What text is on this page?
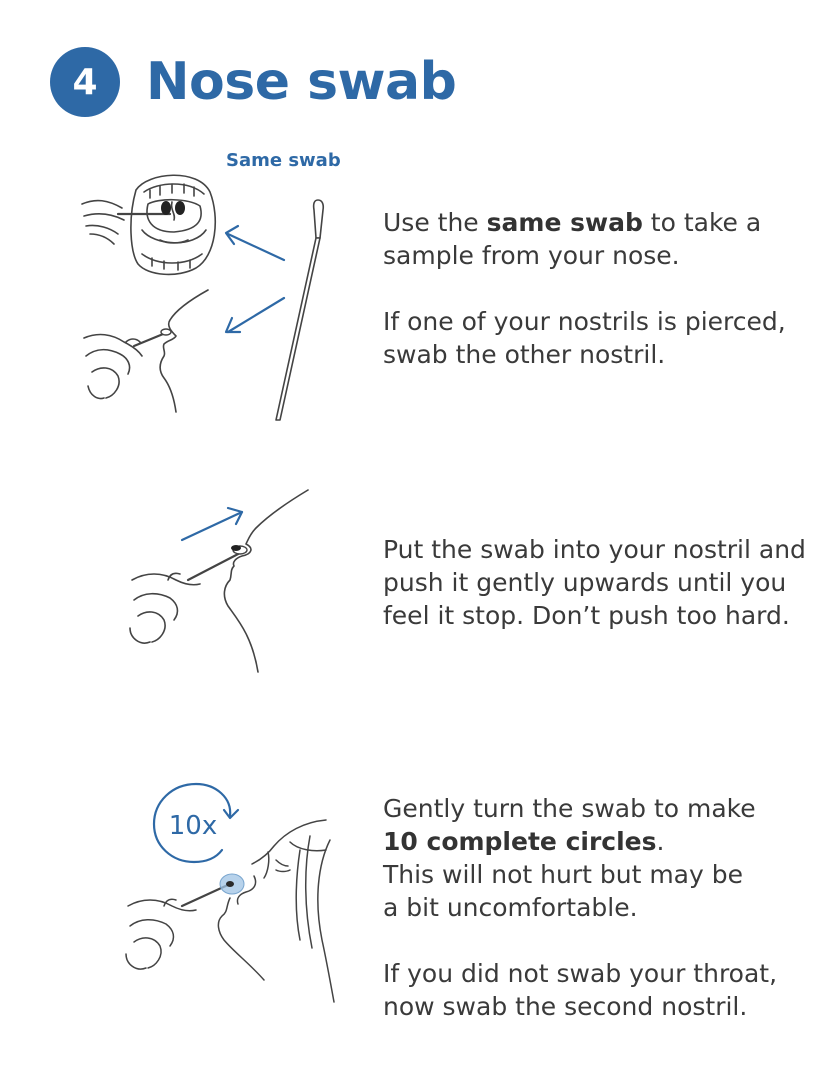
4 Nose swab
Same swab

Use the same swab to take a sample from your nose.

If one of your nostrils is pierced, swab the other nostril.

Put the swab into your nostril and push it gently upwards until you feel it stop. Don’t push too hard.

10x

Gently turn the swab to make
10 complete circles.
This will not hurt but may be
a bit uncomfortable.

If you did not swab your throat, now swab the second nostril.
